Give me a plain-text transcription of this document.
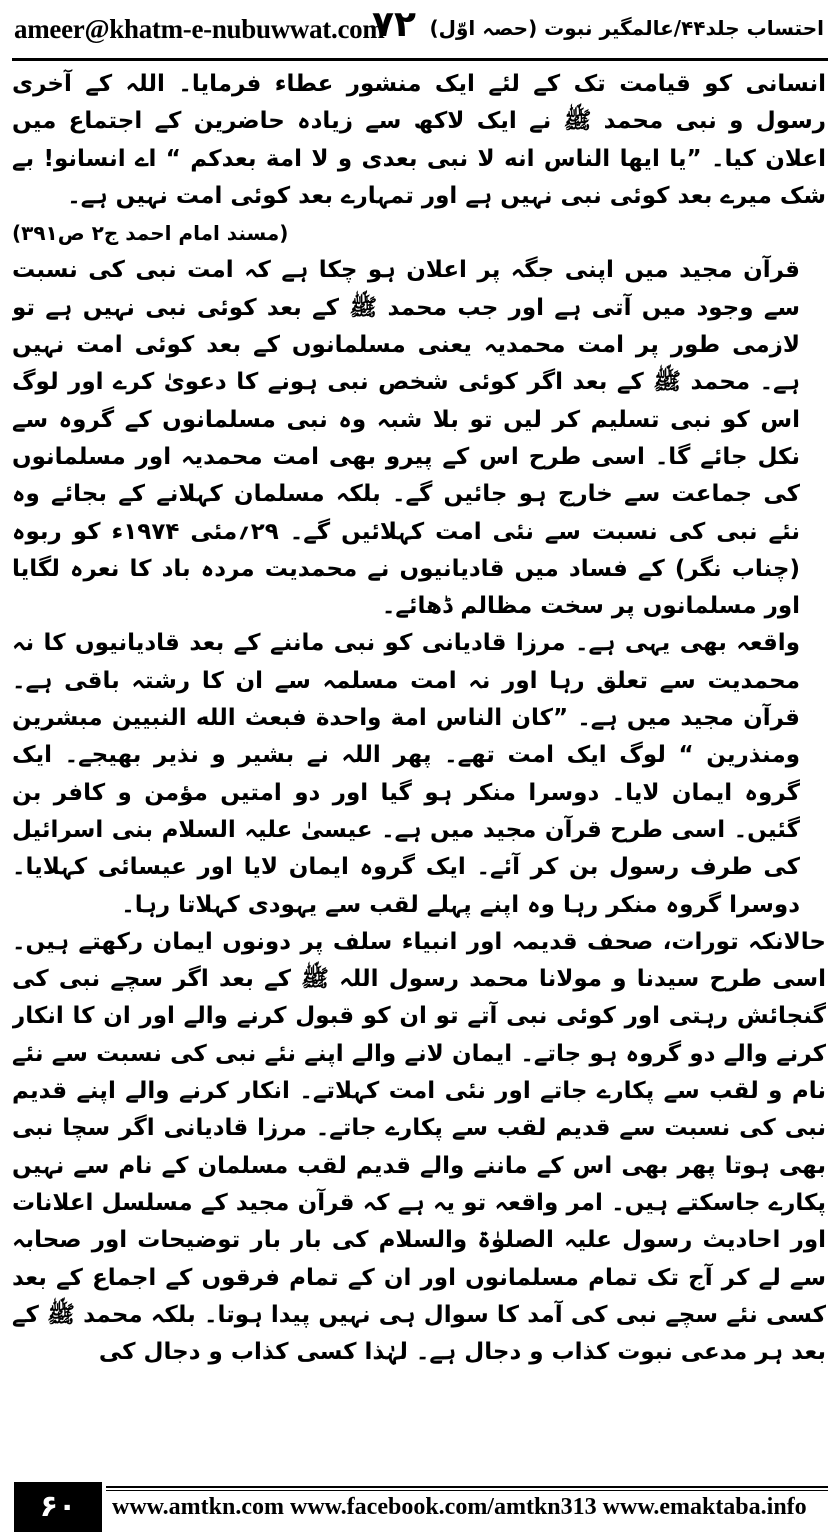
ameer@khatm-e-nubuwwat.com
۷۲ احتساب جلد۴۴/عالمگیر نبوت (حصہ اوّل)

انسانی کو قیامت تک کے لئے ایک منشور عطاء فرمایا۔ اللہ کے آخری رسول و نبی محمد ﷺ نے ایک لاکھ سے زیادہ حاضرین کے اجتماع میں اعلان کیا۔ ”یا ایھا الناس انه لا نبی بعدی و لا امة بعدکم “ اے انسانو! بے شک میرے بعد کوئی نبی نہیں ہے اور تمہارے بعد کوئی امت نہیں ہے۔
(مسند امام احمد ج۲ ص۳۹۱)

قرآن مجید میں اپنی جگہ پر اعلان ہو چکا ہے کہ امت نبی کی نسبت سے وجود میں آتی ہے اور جب محمد ﷺ کے بعد کوئی نبی نہیں ہے تو لازمی طور پر امت محمدیہ یعنی مسلمانوں کے بعد کوئی امت نہیں ہے۔ محمد ﷺ کے بعد اگر کوئی شخص نبی ہونے کا دعویٰ کرے اور لوگ اس کو نبی تسلیم کر لیں تو بلا شبہ وہ نبی مسلمانوں کے گروہ سے نکل جائے گا۔ اسی طرح اس کے پیرو بھی امت محمدیہ اور مسلمانوں کی جماعت سے خارج ہو جائیں گے۔ بلکہ مسلمان کہلانے کے بجائے وہ نئے نبی کی نسبت سے نئی امت کہلائیں گے۔ ۲۹؍مئی ۱۹۷۴ء کو ربوہ (چناب نگر) کے فساد میں قادیانیوں نے محمدیت مردہ باد کا نعرہ لگایا اور مسلمانوں پر سخت مظالم ڈھائے۔

واقعہ بھی یہی ہے۔ مرزا قادیانی کو نبی ماننے کے بعد قادیانیوں کا نہ محمدیت سے تعلق رہا اور نہ امت مسلمہ سے ان کا رشتہ باقی ہے۔ قرآن مجید میں ہے۔ ”کان الناس امة واحدة فبعث الله النبیین مبشرین ومنذرین “ لوگ ایک امت تھے۔ پھر اللہ نے بشیر و نذیر بھیجے۔ ایک گروہ ایمان لایا۔ دوسرا منکر ہو گیا اور دو امتیں مؤمن و کافر بن گئیں۔ اسی طرح قرآن مجید میں ہے۔ عیسیٰ علیہ السلام بنی اسرائیل کی طرف رسول بن کر آئے۔ ایک گروہ ایمان لایا اور عیسائی کہلایا۔ دوسرا گروہ منکر رہا وہ اپنے پہلے لقب سے یہودی کہلاتا رہا۔

حالانکہ تورات، صحف قدیمہ اور انبیاء سلف پر دونوں ایمان رکھتے ہیں۔ اسی طرح سیدنا و مولانا محمد رسول اللہ ﷺ کے بعد اگر سچے نبی کی گنجائش رہتی اور کوئی نبی آتے تو ان کو قبول کرنے والے اور ان کا انکار کرنے والے دو گروہ ہو جاتے۔ ایمان لانے والے اپنے نئے نبی کی نسبت سے نئے نام و لقب سے پکارے جاتے اور نئی امت کہلاتے۔ انکار کرنے والے اپنے قدیم نبی کی نسبت سے قدیم لقب سے پکارے جاتے۔ مرزا قادیانی اگر سچا نبی بھی ہوتا پھر بھی اس کے ماننے والے قدیم لقب مسلمان کے نام سے نہیں پکارے جاسکتے ہیں۔ امر واقعہ تو یہ ہے کہ قرآن مجید کے مسلسل اعلانات اور احادیث رسول علیہ الصلوٰۃ والسلام کی بار بار توضیحات اور صحابہ سے لے کر آج تک تمام مسلمانوں اور ان کے تمام فرقوں کے اجماع کے بعد کسی نئے سچے نبی کی آمد کا سوال ہی نہیں پیدا ہوتا۔ بلکہ محمد ﷺ کے بعد ہر مدعی نبوت کذاب و دجال ہے۔ لہٰذا کسی کذاب و دجال کی

۶۰	www.amtkn.com www.facebook.com/amtkn313 www.emaktaba.info
